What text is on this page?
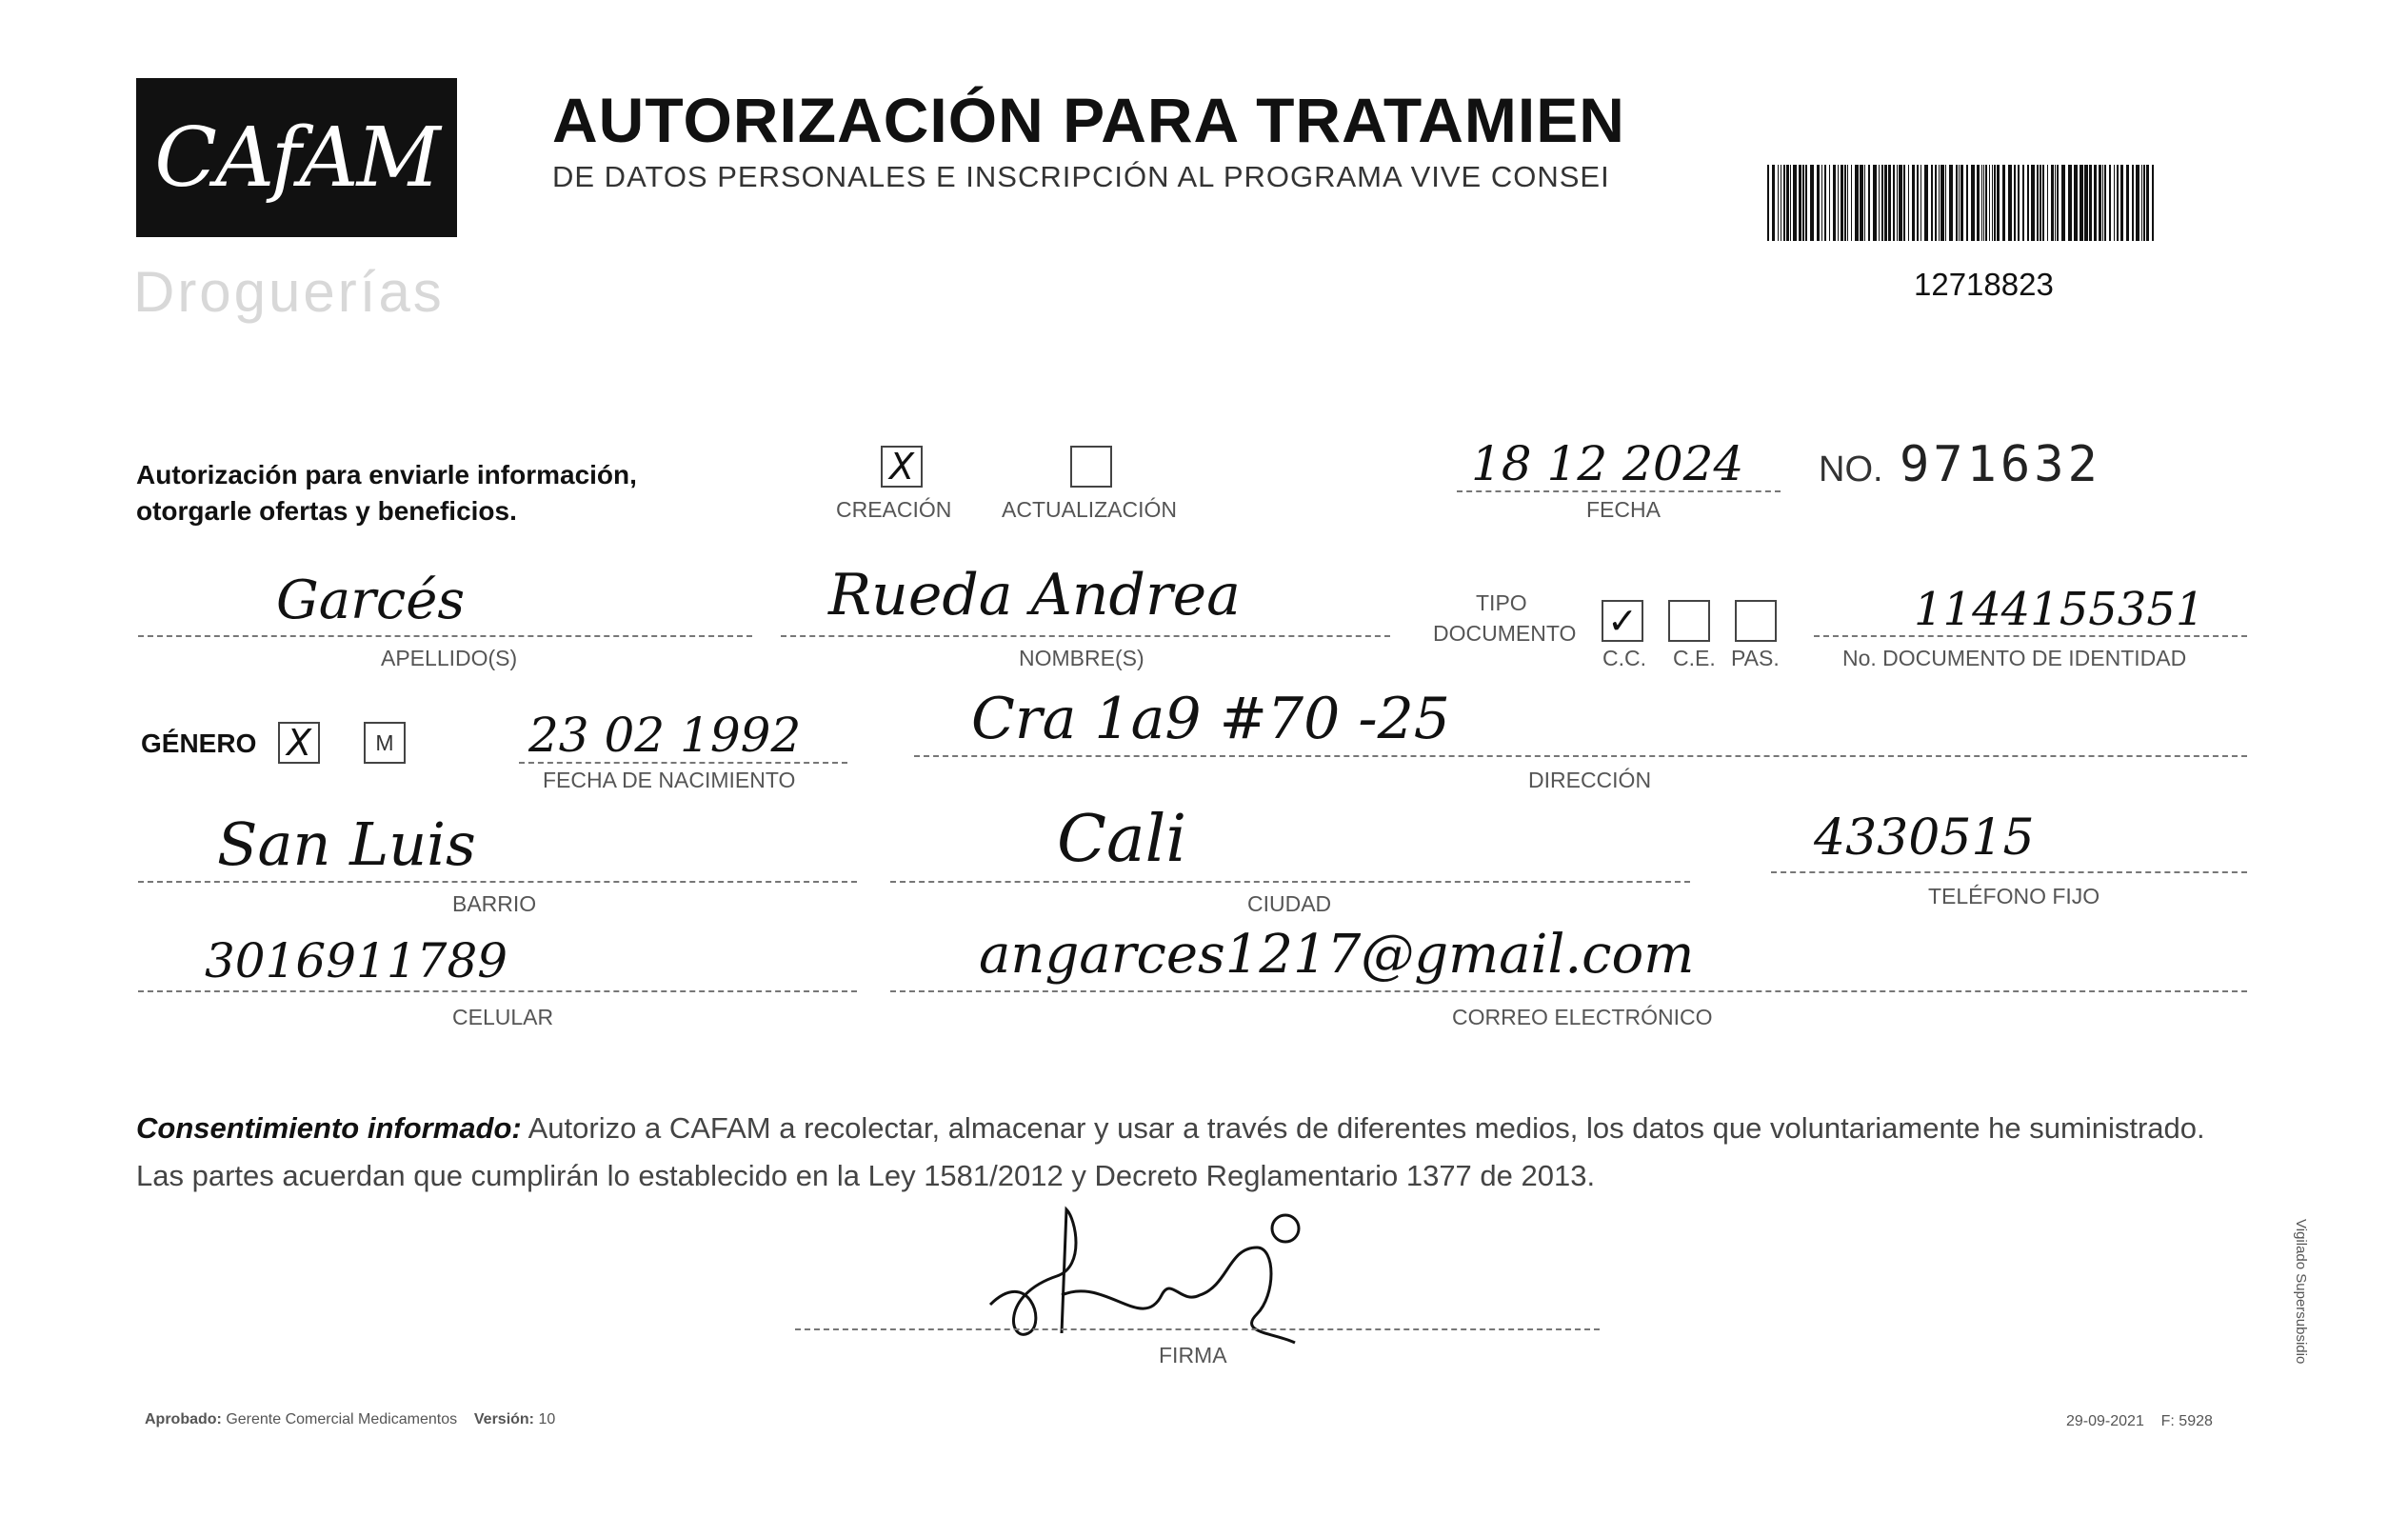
CAfAM
Droguerías
AUTORIZACIÓN PARA TRATAMIEN
DE DATOS PERSONALES E INSCRIPCIÓN AL PROGRAMA VIVE CONSEI
12718823
Autorización para enviarle información, otorgarle ofertas y beneficios.
X
CREACIÓN ACTUALIZACIÓN
18 12 2024
FECHA
NO. 971632
Garcés
APELLIDO(S)
Rueda Andrea
NOMBRE(S)
TIPO
DOCUMENTO ✓
C.C. C.E. PAS.
1144155351
No. DOCUMENTO DE IDENTIDAD
GÉNERO X	M	23 02 1992
FECHA DE NACIMIENTO
Cra 1a9 #70 -25
DIRECCIÓN
San Luis
BARRIO
Cali
CIUDAD
4330515
TELÉFONO FIJO
3016911789
CELULAR
angarces1217@gmail.com
CORREO ELECTRÓNICO
Consentimiento informado: Autorizo a CAFAM a recolectar, almacenar y usar a través de diferentes medios, los datos que voluntariamente he suministrado. Las partes acuerdan que cumplirán lo establecido en la Ley 1581/2012 y Decreto Reglamentario 1377 de 2013.
FIRMA
Aprobado: Gerente Comercial Medicamentos Versión: 10	29-09-2021 F: 5928
Vigilado Supersubsidio
